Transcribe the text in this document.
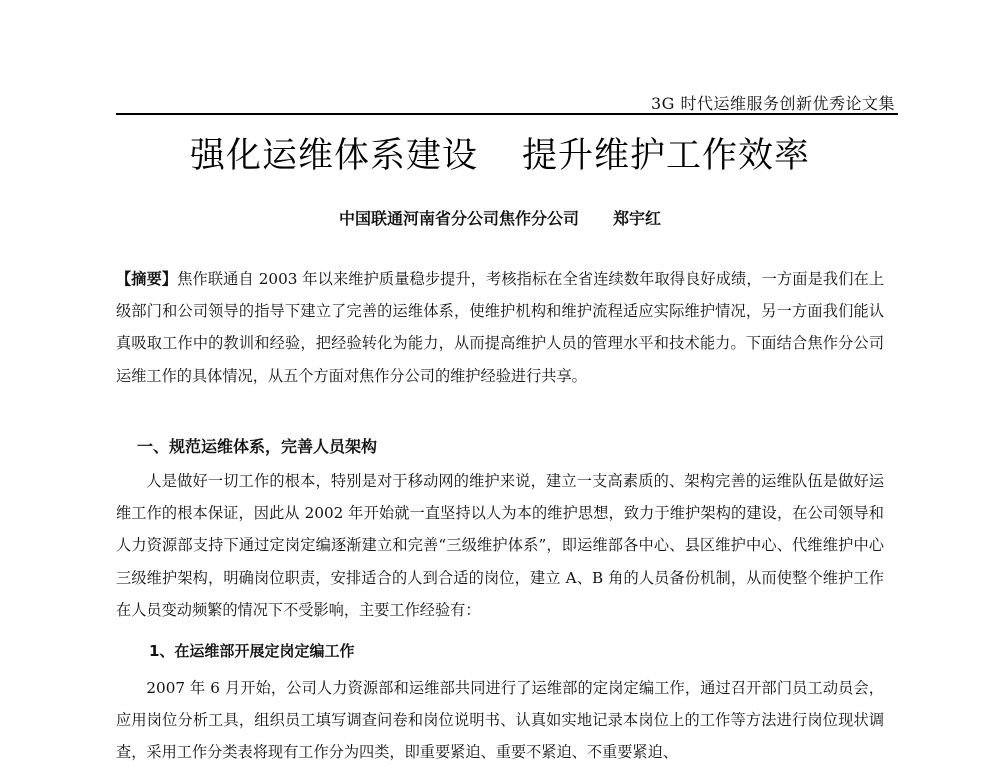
3G 时代运维服务创新优秀论文集
强化运维体系建设 提升维护工作效率
中国联通河南省分公司焦作分公司 郑宇红

【摘要】焦作联通自 2003 年以来维护质量稳步提升，考核指标在全省连续数年取得良好成绩，一方面是我们在上级部门和公司领导的指导下建立了完善的运维体系，使维护机构和维护流程适应实际维护情况，另一方面我们能认真吸取工作中的教训和经验，把经验转化为能力，从而提高维护人员的管理水平和技术能力。下面结合焦作分公司运维工作的具体情况，从五个方面对焦作分公司的维护经验进行共享。

一、规范运维体系，完善人员架构

人是做好一切工作的根本，特别是对于移动网的维护来说，建立一支高素质的、架构完善的运维队伍是做好运维工作的根本保证，因此从 2002 年开始就一直坚持以人为本的维护思想，致力于维护架构的建设，在公司领导和人力资源部支持下通过定岗定编逐渐建立和完善“三级维护体系”，即运维部各中心、县区维护中心、代维维护中心三级维护架构，明确岗位职责，安排适合的人到合适的岗位，建立 A、B 角的人员备份机制，从而使整个维护工作在人员变动频繁的情况下不受影响，主要工作经验有：

1、在运维部开展定岗定编工作

2007 年 6 月开始，公司人力资源部和运维部共同进行了运维部的定岗定编工作，通过召开部门员工动员会，应用岗位分析工具，组织员工填写调查问卷和岗位说明书、认真如实地记录本岗位上的工作等方法进行岗位现状调查，采用工作分类表将现有工作分为四类，即重要紧迫、重要不紧迫、不重要紧迫、
